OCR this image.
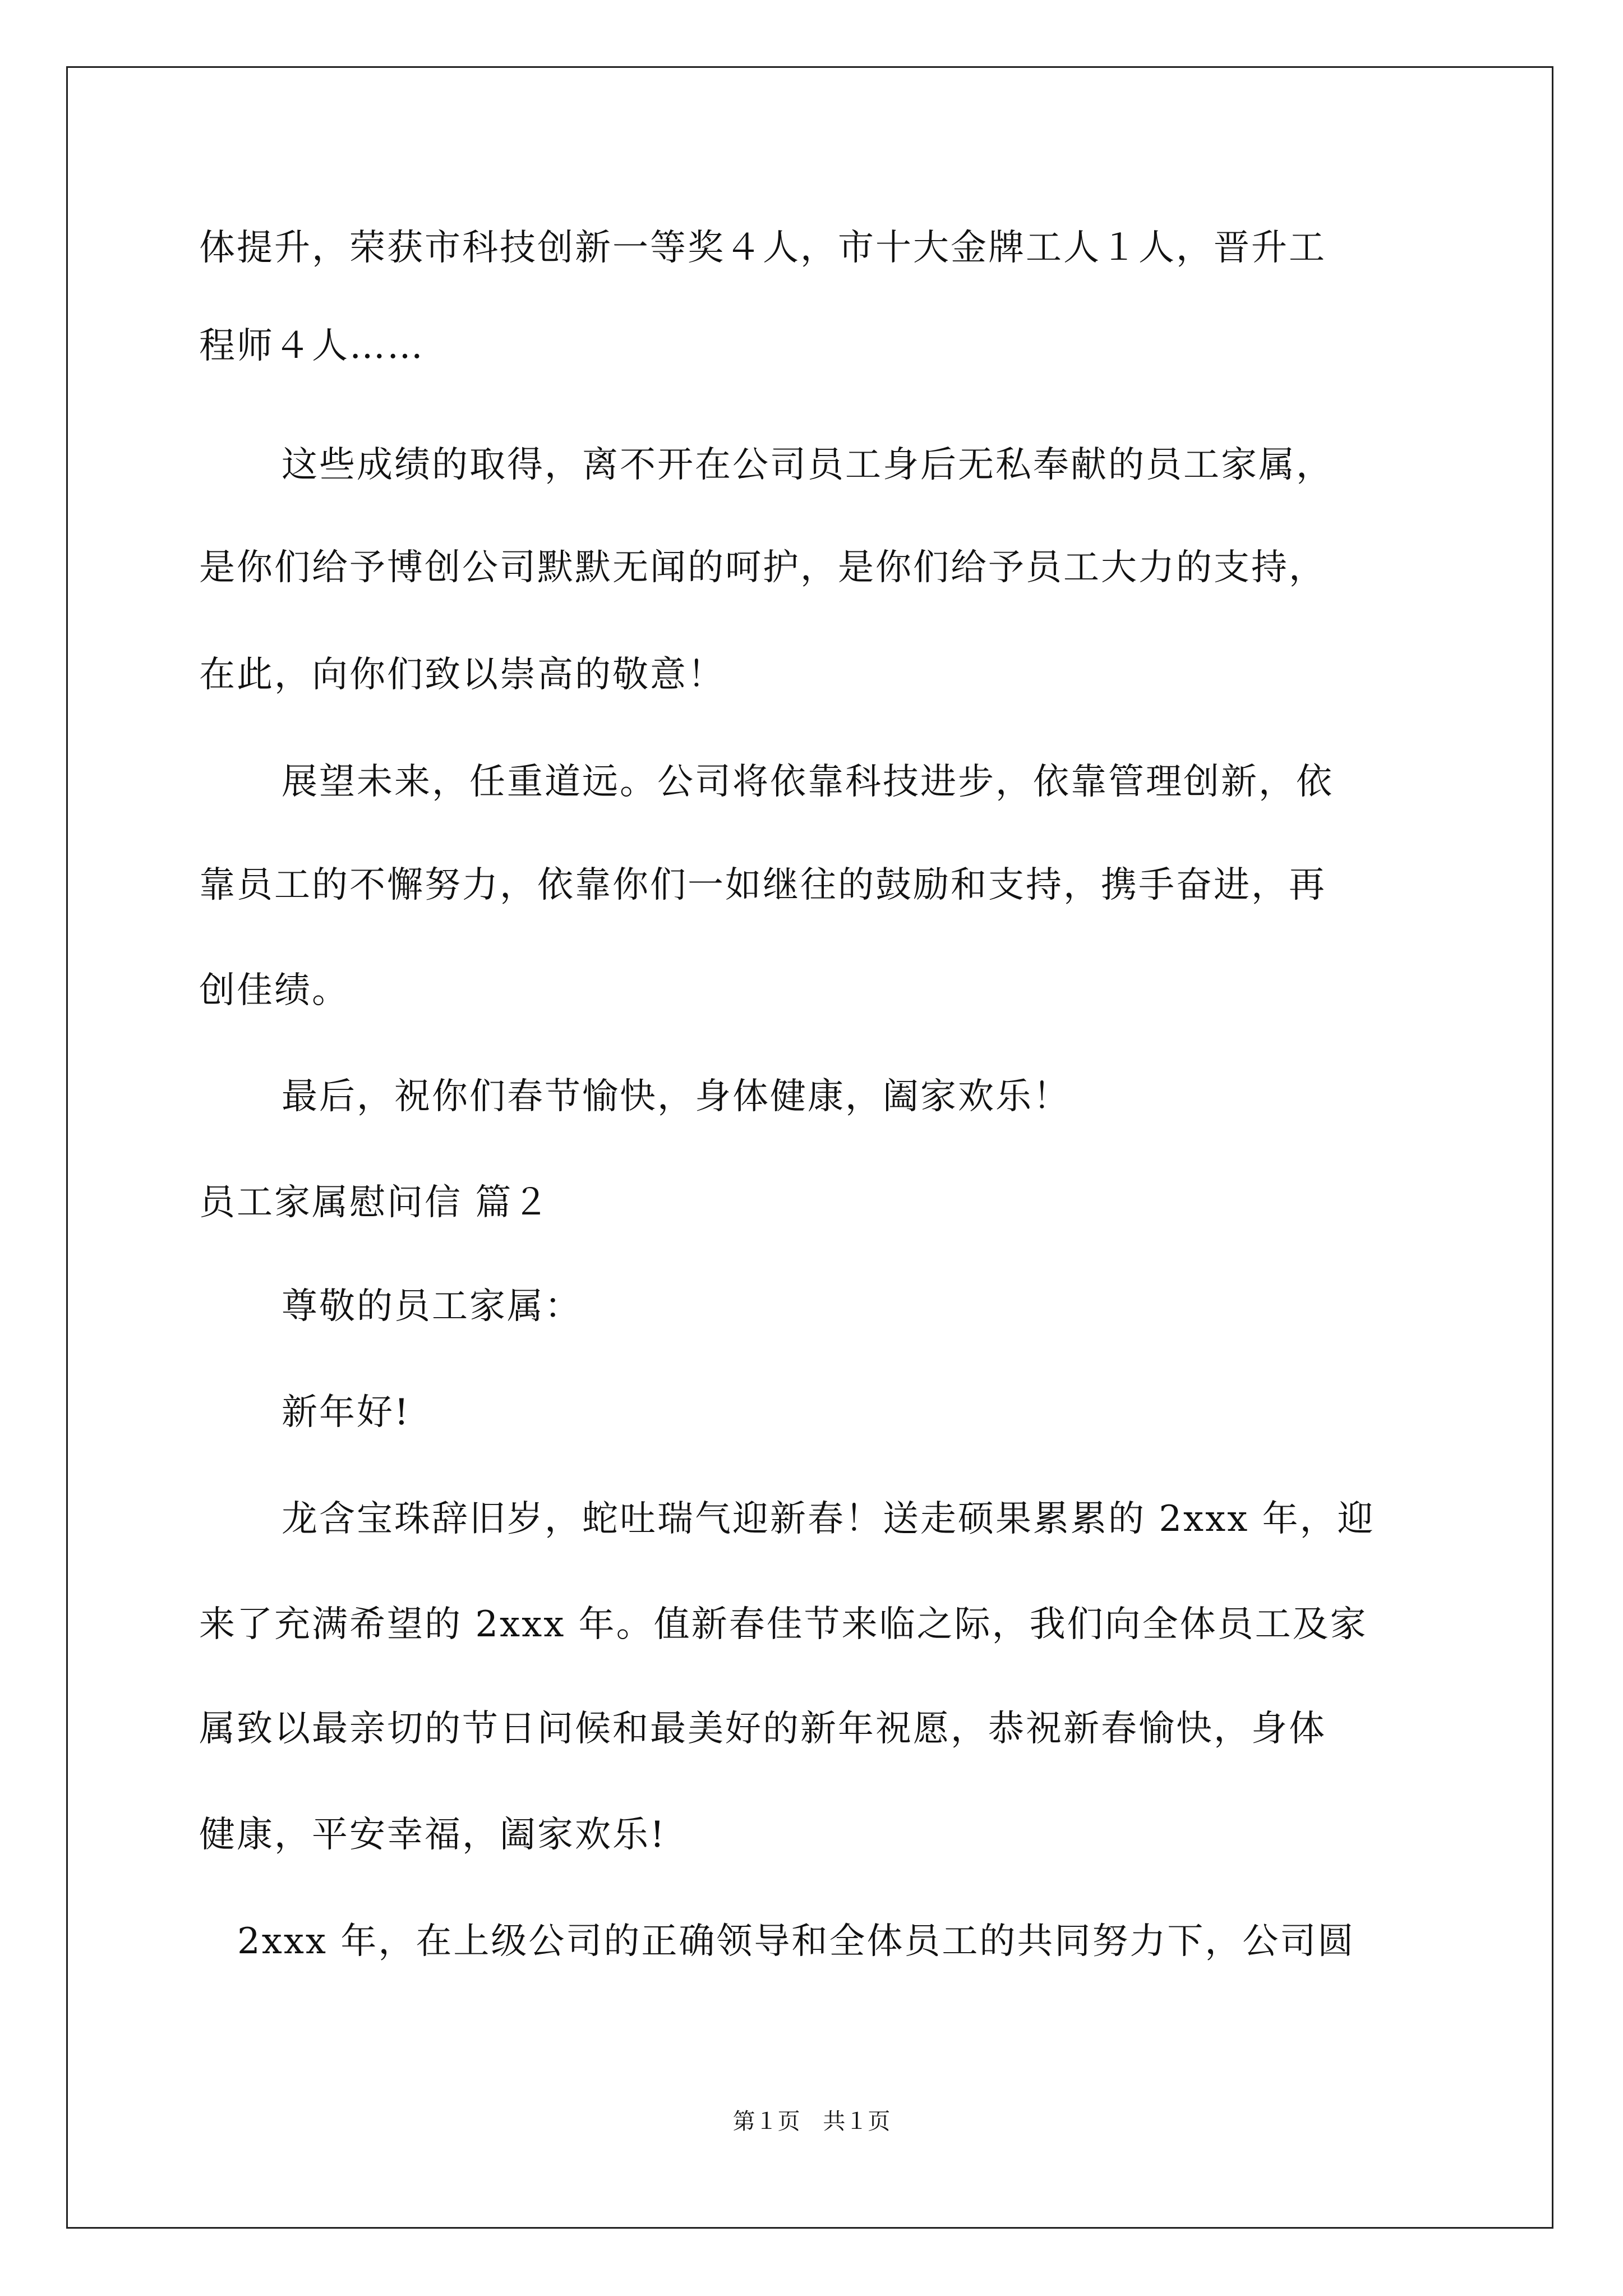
体提升，荣获市科技创新一等奖４人，市十大金牌工人１人，晋升工
程师４人……
这些成绩的取得，离不开在公司员工身后无私奉献的员工家属，
是你们给予博创公司默默无闻的呵护，是你们给予员工大力的支持，
在此，向你们致以崇高的敬意！
展望未来，任重道远。公司将依靠科技进步，依靠管理创新，依
靠员工的不懈努力，依靠你们一如继往的鼓励和支持，携手奋进，再
创佳绩。
最后，祝你们春节愉快，身体健康，阖家欢乐！
员工家属慰问信 篇２
尊敬的员工家属：
新年好!
龙含宝珠辞旧岁，蛇吐瑞气迎新春！送走硕果累累的 2xxx 年，迎
来了充满希望的 2xxx 年。值新春佳节来临之际，我们向全体员工及家
属致以最亲切的节日问候和最美好的新年祝愿，恭祝新春愉快，身体
健康，平安幸福，阖家欢乐!
2xxx 年，在上级公司的正确领导和全体员工的共同努力下，公司圆
第１页 共１页
